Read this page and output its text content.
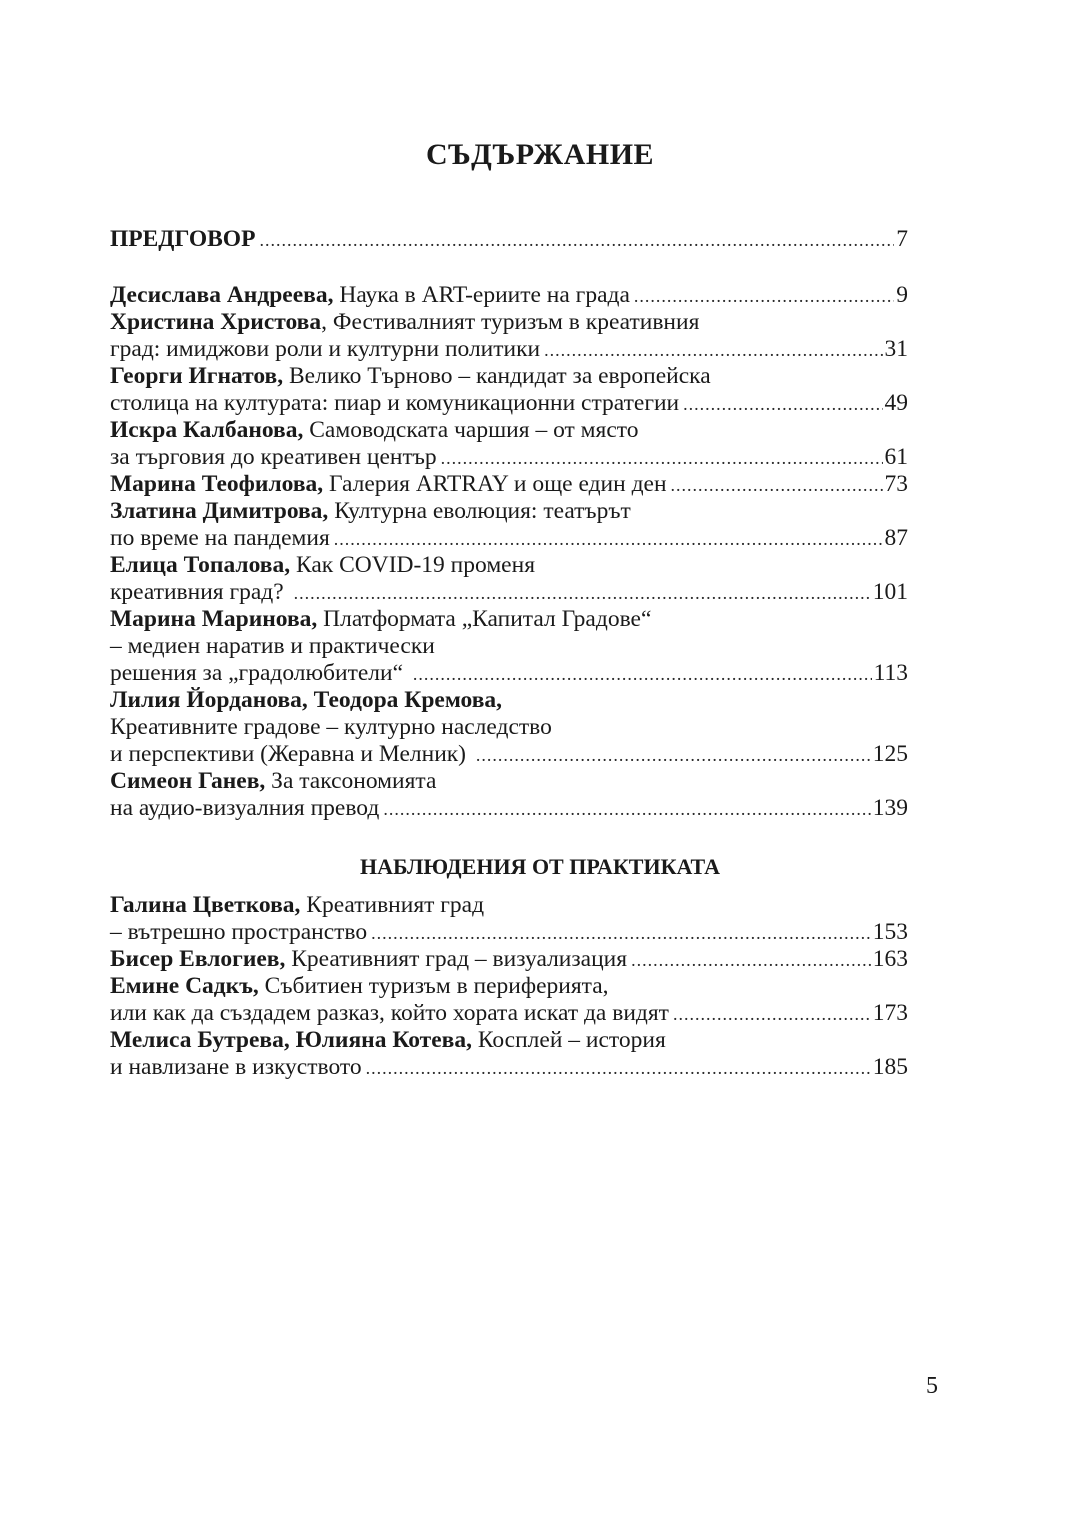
СЪДЪРЖАНИЕ
ПРЕДГОВОР .....	7
Десислава Андреева, Наука в ART-ериите на града .....	9
Христина Христова , Фестивалният туризъм в креативния
град: имиджови роли и културни политики .....	31
Георги Игнатов, Велико Търново – кандидат за европейска
столица на културата: пиар и комуникационни стратегии .....	49
Искра Калбанова, Самоводската чаршия – от място
за търговия до креативен център .....	61
Марина Теофилова, Галерия ARTRAY и още един ден .....	73
Златина Димитрова, Културна еволюция: театърът
по време на пандемия .....	87
Елица Топалова, Как COVID-19 променя
креативния град? .....	101
Марина Маринова, Платформата „Капитал Градове“
– медиен наратив и практически
решения за „градолюбители“ .....	113
Лилия Йорданова, Теодора Кремова,
Креативните градове – културно наследство
и перспективи (Жеравна и Мелник) .....	125
Симеон Ганев, За таксономията
на аудио-визуалния превод .....	139
НАБЛЮДЕНИЯ ОТ ПРАКТИКАТА
Галина Цветкова, Креативният град
– вътрешно пространство .....	153
Бисер Евлогиев, Креативният град – визуализация .....	163
Емине Садкъ, Събитиен туризъм в периферията,
или как да създадем разказ, който хората искат да видят .....	173
Мелиса Бутрева, Юлияна Котева, Косплей – история
и навлизане в изкуството .....	185
5
